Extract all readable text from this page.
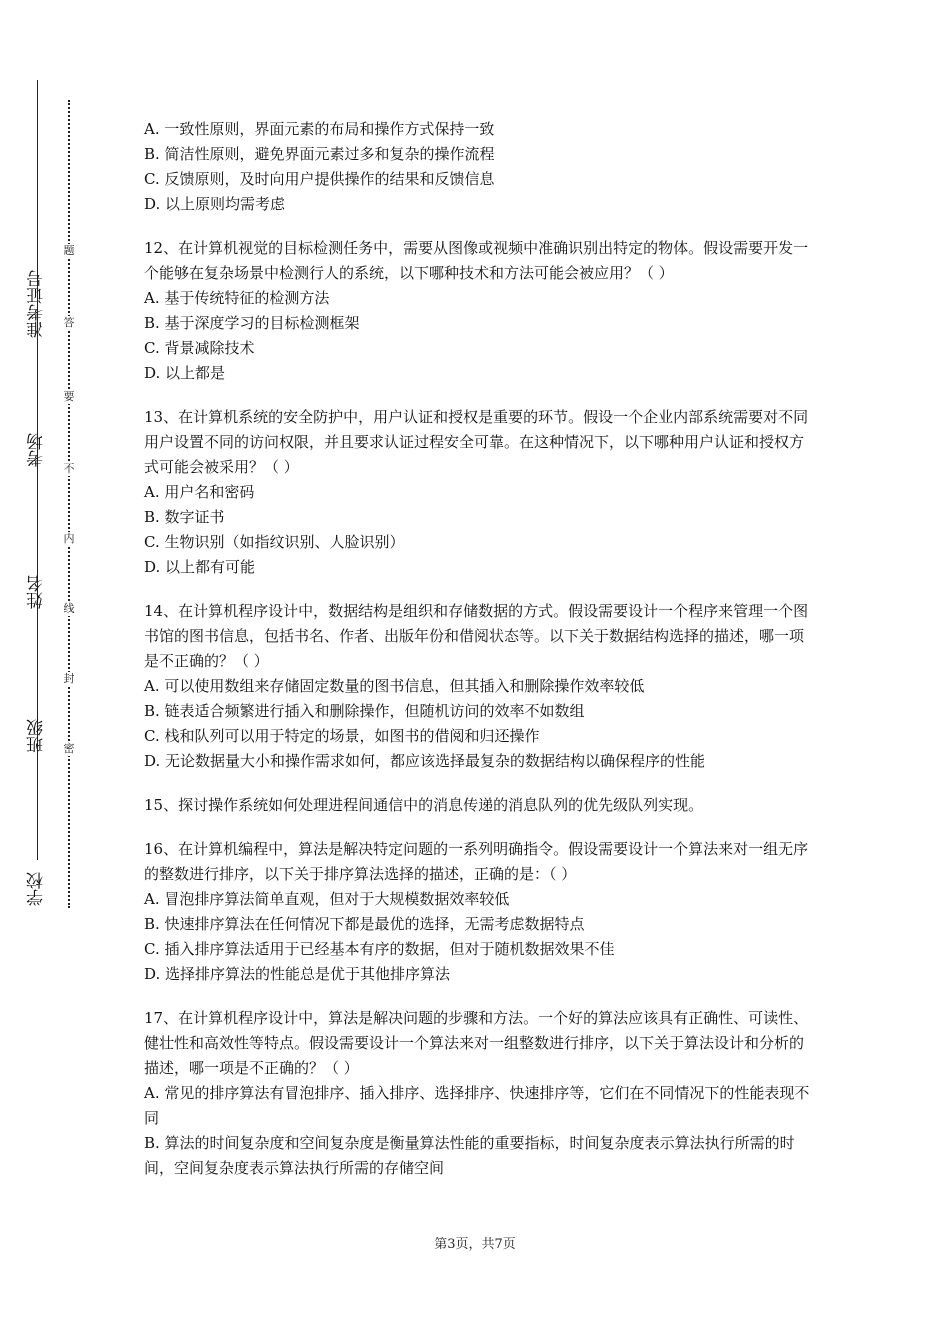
学校
班级
姓名
考场
准考证号
密
封
线
内
不
要
答
题

A. 一致性原则，界面元素的布局和操作方式保持一致

B. 简洁性原则，避免界面元素过多和复杂的操作流程

C. 反馈原则，及时向用户提供操作的结果和反馈信息

D. 以上原则均需考虑

12、在计算机视觉的目标检测任务中，需要从图像或视频中准确识别出特定的物体。假设需要开发一个能够在复杂场景中检测行人的系统，以下哪种技术和方法可能会被应用？（ ）

A. 基于传统特征的检测方法

B. 基于深度学习的目标检测框架

C. 背景减除技术

D. 以上都是

13、在计算机系统的安全防护中，用户认证和授权是重要的环节。假设一个企业内部系统需要对不同用户设置不同的访问权限，并且要求认证过程安全可靠。在这种情况下，以下哪种用户认证和授权方式可能会被采用？（ ）

A. 用户名和密码

B. 数字证书

C. 生物识别（如指纹识别、人脸识别）

D. 以上都有可能

14、在计算机程序设计中，数据结构是组织和存储数据的方式。假设需要设计一个程序来管理一个图书馆的图书信息，包括书名、作者、出版年份和借阅状态等。以下关于数据结构选择的描述，哪一项是不正确的？（ ）

A. 可以使用数组来存储固定数量的图书信息，但其插入和删除操作效率较低

B. 链表适合频繁进行插入和删除操作，但随机访问的效率不如数组

C. 栈和队列可以用于特定的场景，如图书的借阅和归还操作

D. 无论数据量大小和操作需求如何，都应该选择最复杂的数据结构以确保程序的性能

15、探讨操作系统如何处理进程间通信中的消息传递的消息队列的优先级队列实现。

16、在计算机编程中，算法是解决特定问题的一系列明确指令。假设需要设计一个算法来对一组无序的整数进行排序，以下关于排序算法选择的描述，正确的是：（ ）

A. 冒泡排序算法简单直观，但对于大规模数据效率较低

B. 快速排序算法在任何情况下都是最优的选择，无需考虑数据特点

C. 插入排序算法适用于已经基本有序的数据，但对于随机数据效果不佳

D. 选择排序算法的性能总是优于其他排序算法

17、在计算机程序设计中，算法是解决问题的步骤和方法。一个好的算法应该具有正确性、可读性、健壮性和高效性等特点。假设需要设计一个算法来对一组整数进行排序，以下关于算法设计和分析的描述，哪一项是不正确的？（ ）

A. 常见的排序算法有冒泡排序、插入排序、选择排序、快速排序等，它们在不同情况下的性能表现不同

B. 算法的时间复杂度和空间复杂度是衡量算法性能的重要指标，时间复杂度表示算法执行所需的时间，空间复杂度表示算法执行所需的存储空间

第3页，共7页
